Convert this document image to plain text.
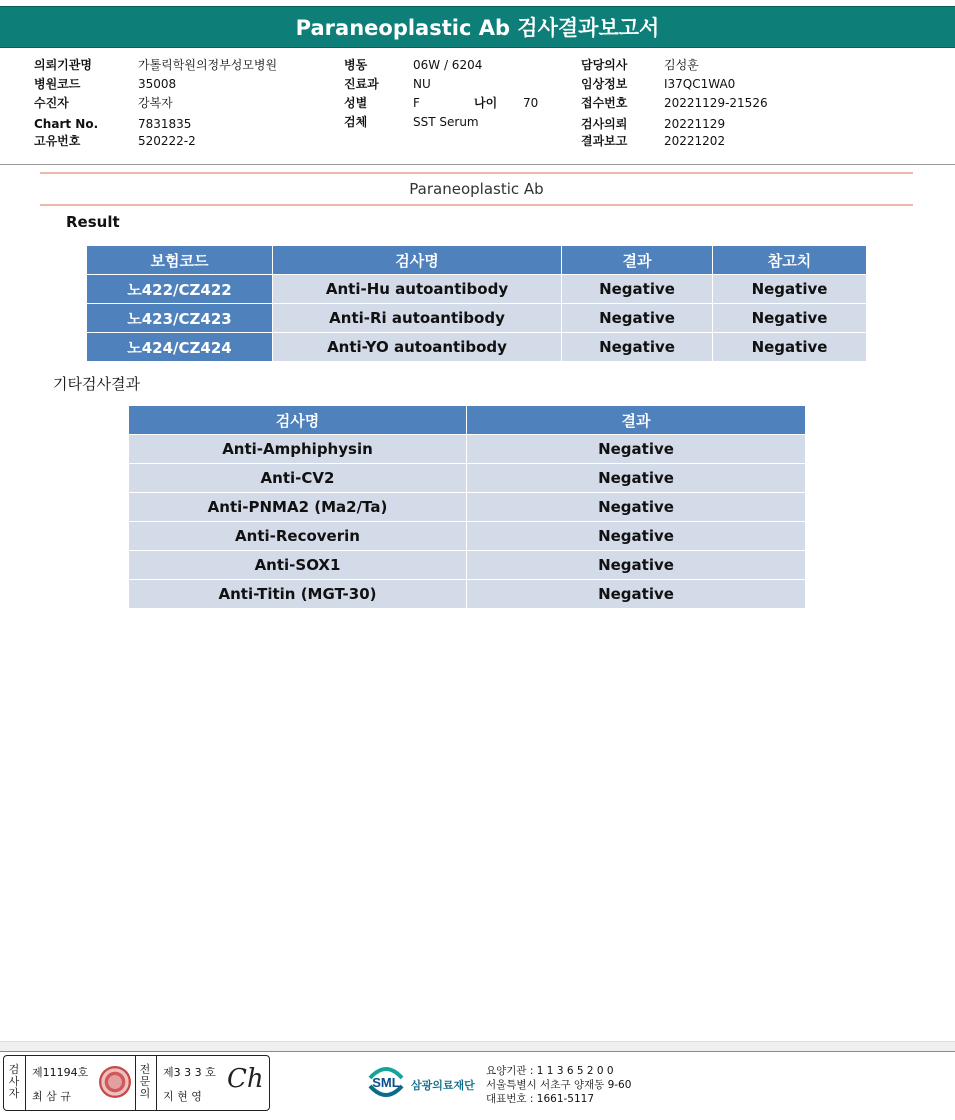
Paraneoplastic Ab 검사결과보고서
의뢰기관명	가톨릭학원의정부성모병원
병원코드	35008
수진자	강복자
Chart No.	7831835
고유번호	520222-2
병동	06W / 6204
진료과	NU
성별	F	나이 70
검체	SST Serum
담당의사	김성훈
임상정보	I37QC1WA0
접수번호	20221129-21526
검사의뢰	20221129
결과보고	20221202
Paraneoplastic Ab
Result
보험코드	검사명	결과	참고치
노422/CZ422	Anti-Hu autoantibody	Negative	Negative
노423/CZ423	Anti-Ri autoantibody	Negative	Negative
노424/CZ424	Anti-YO autoantibody	Negative	Negative
기타검사결과
검사명	결과
Anti-Amphiphysin	Negative
Anti-CV2	Negative
Anti-PNMA2 (Ma2/Ta)	Negative
Anti-Recoverin	Negative
Anti-SOX1	Negative
Anti-Titin (MGT-30)	Negative
검사자
제11194호
최 삼 규
전문의
제3 3 3 호
지 현 영
Ch	SML 삼광의료재단
요양기관 : 1 1 3 6 5 2 0 0
서울특별시 서초구 양재동 9-60
대표번호 : 1661-5117
